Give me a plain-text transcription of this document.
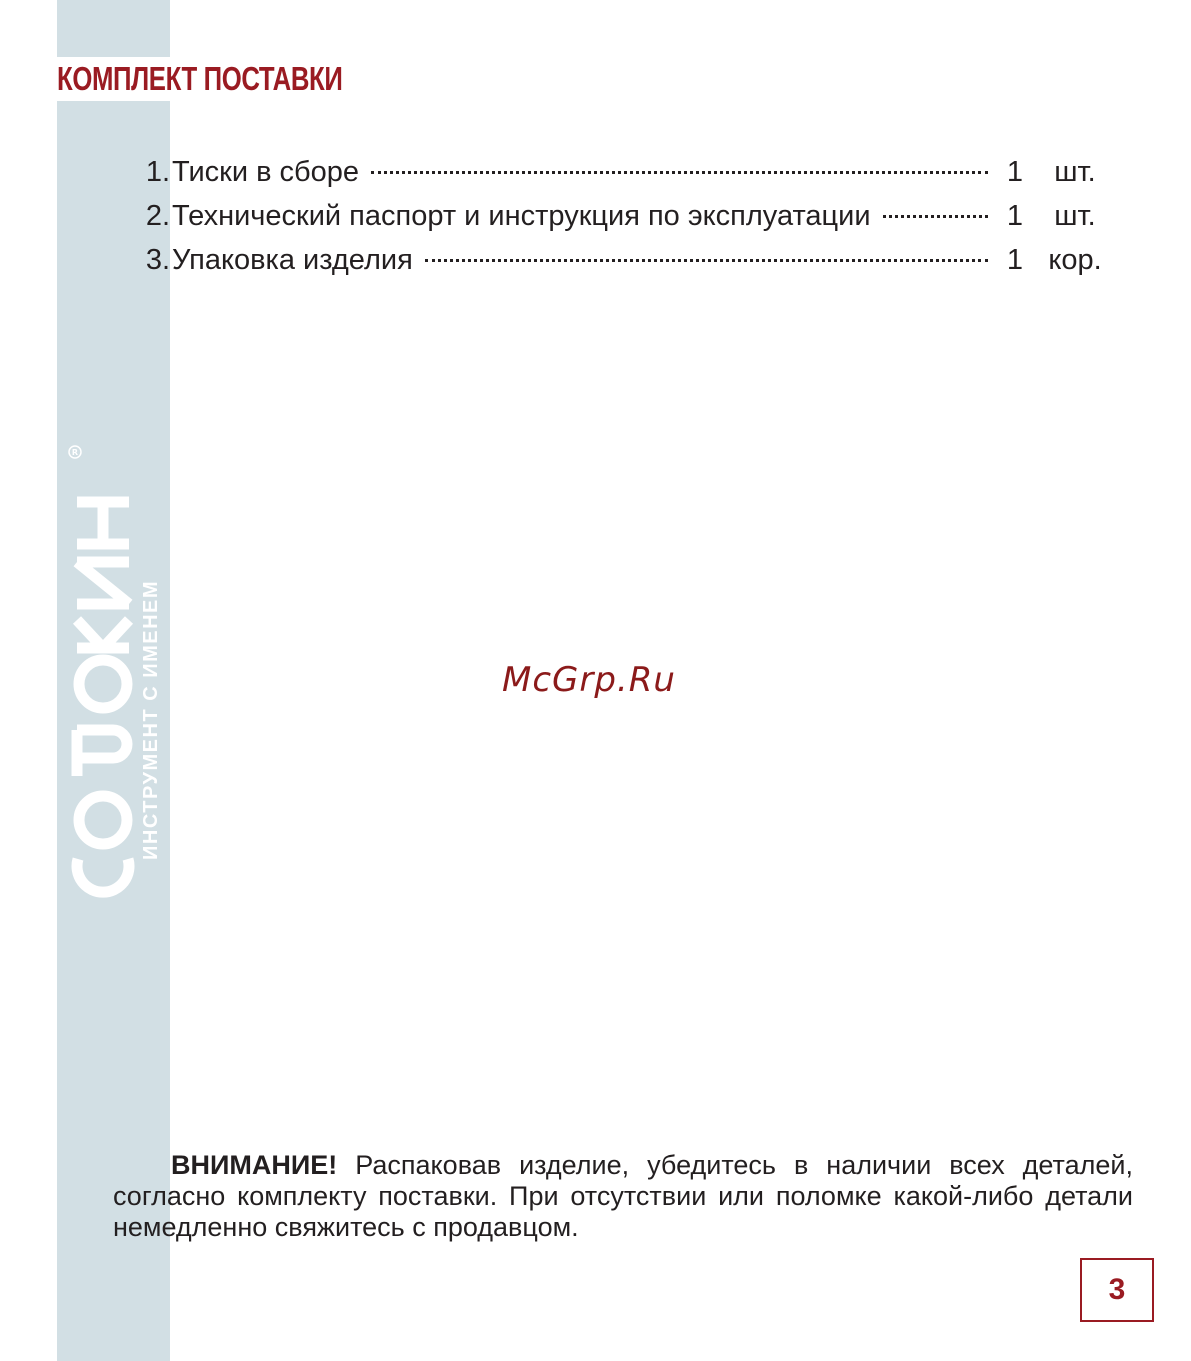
КОМПЛЕКТ ПОСТАВКИ
1. Тиски в сборе	1	шт.
2. Технический паспорт и инструкция по эксплуатации	1	шт.
3. Упаковка изделия	1 кор.
R
ИНСТРУМЕНТ С ИМЕНЕМ	McGrp.Ru

ВНИМАНИЕ! Распаковав изделие, убедитесь в наличии всех деталей, согласно комплекту поставки. При отсутствии или поломке какой-либо детали немедленно свяжитесь с продавцом.

3
